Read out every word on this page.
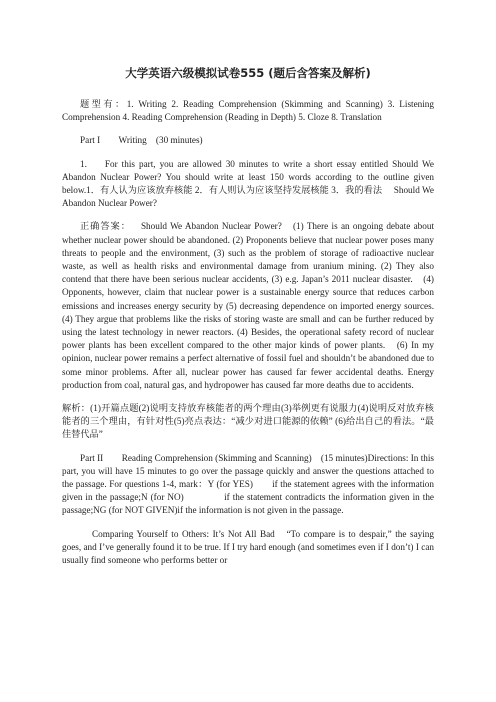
大学英语六级模拟试卷555 (题后含答案及解析)

题型有：1. Writing 2. Reading Comprehension (Skimming and Scanning) 3. Listening Comprehension 4. Reading Comprehension (Reading in Depth) 5. Cloze 8. Translation

Part I　　Writing　(30 minutes)

1. For this part, you are allowed 30 minutes to write a short essay entitled Should We Abandon Nuclear Power? You should write at least 150 words according to the outline given below.1．有人认为应该放弃核能 2．有人则认为应该坚持发展核能 3．我的看法　 Should We Abandon Nuclear Power?

正确答案： Should We Abandon Nuclear Power?　(1) There is an ongoing debate about whether nuclear power should be abandoned. (2) Proponents believe that nuclear power poses many threats to people and the environment, (3) such as the problem of storage of radioactive nuclear waste, as well as health risks and environmental damage from uranium mining. (2) They also contend that there have been serious nuclear accidents, (3) e.g. Japan’s 2011 nuclear disaster.　(4) Opponents, however, claim that nuclear power is a sustainable energy source that reduces carbon emissions and increases energy security by (5) decreasing dependence on imported energy sources. (4) They argue that problems like the risks of storing waste are small and can be further reduced by using the latest technology in newer reactors. (4) Besides, the operational safety record of nuclear power plants has been excellent compared to the other major kinds of power plants.　(6) In my opinion, nuclear power remains a perfect alternative of fossil fuel and shouldn’t be abandoned due to some minor problems. After all, nuclear power has caused far fewer accidental deaths. Energy production from coal, natural gas, and hydropower has caused far more deaths due to accidents.

解析：(1)开篇点题(2)说明支持放弃核能者的两个理由(3)举例更有说服力(4)说明反对放弃核能者的三个理由，有针对性(5)亮点表达：“减少对进口能源的依赖” (6)给出自己的看法。“最佳替代品”

Part II　　Reading Comprehension (Skimming and Scanning)　(15 minutes)Directions: In this part, you will have 15 minutes to go over the passage quickly and answer the questions attached to the passage. For questions 1-4, mark：Y (for YES)　　if the statement agrees with the information given in the passage;N (for NO)　　　　if the statement contradicts the information given in the passage;NG (for NOT GIVEN)if the information is not given in the passage.

Comparing Yourself to Others: It’s Not All Bad　“To compare is to despair,” the saying goes, and I’ve generally found it to be true. If I try hard enough (and sometimes even if I don’t) I can usually find someone who performs better or
